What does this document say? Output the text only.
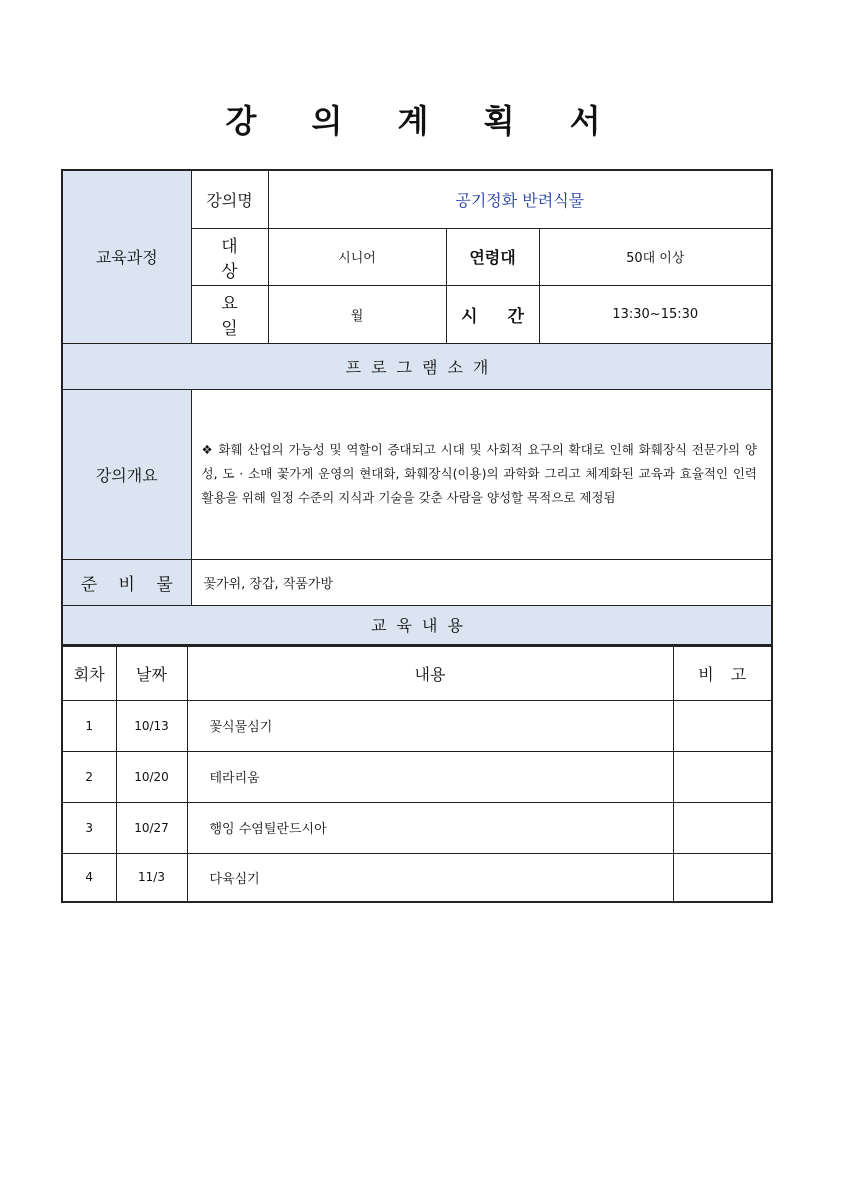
강 의 계 획 서
교육과정	강의명	공기정화 반려식물		
	대 상	시니어	연령대	50대 이상
	요 일	월	시 간	13:30~15:30
프로그램소개				
강의개요	❖ 화훼 산업의 가능성 및 역할이 증대되고 시대 및 사회적 요구의 확대로 인해 화훼장식 전문가의 양성, 도 · 소매 꽃가게 운영의 현대화, 화훼장식(이용)의 과학화 그리고 체계화된 교육과 효율적인 인력활용을 위해 일정 수준의 지식과 기술을 갖춘 사람을 양성할 목적으로 제정됨			
준 비 물	꽃가위, 장갑, 작품가방			
교육내용				
회차	날짜	내용	비 고
1	10/13	꽃식물심기	
2	10/20	테라리움	
3	10/27	행잉 수염틸란드시아	
4	11/3	다육심기	
